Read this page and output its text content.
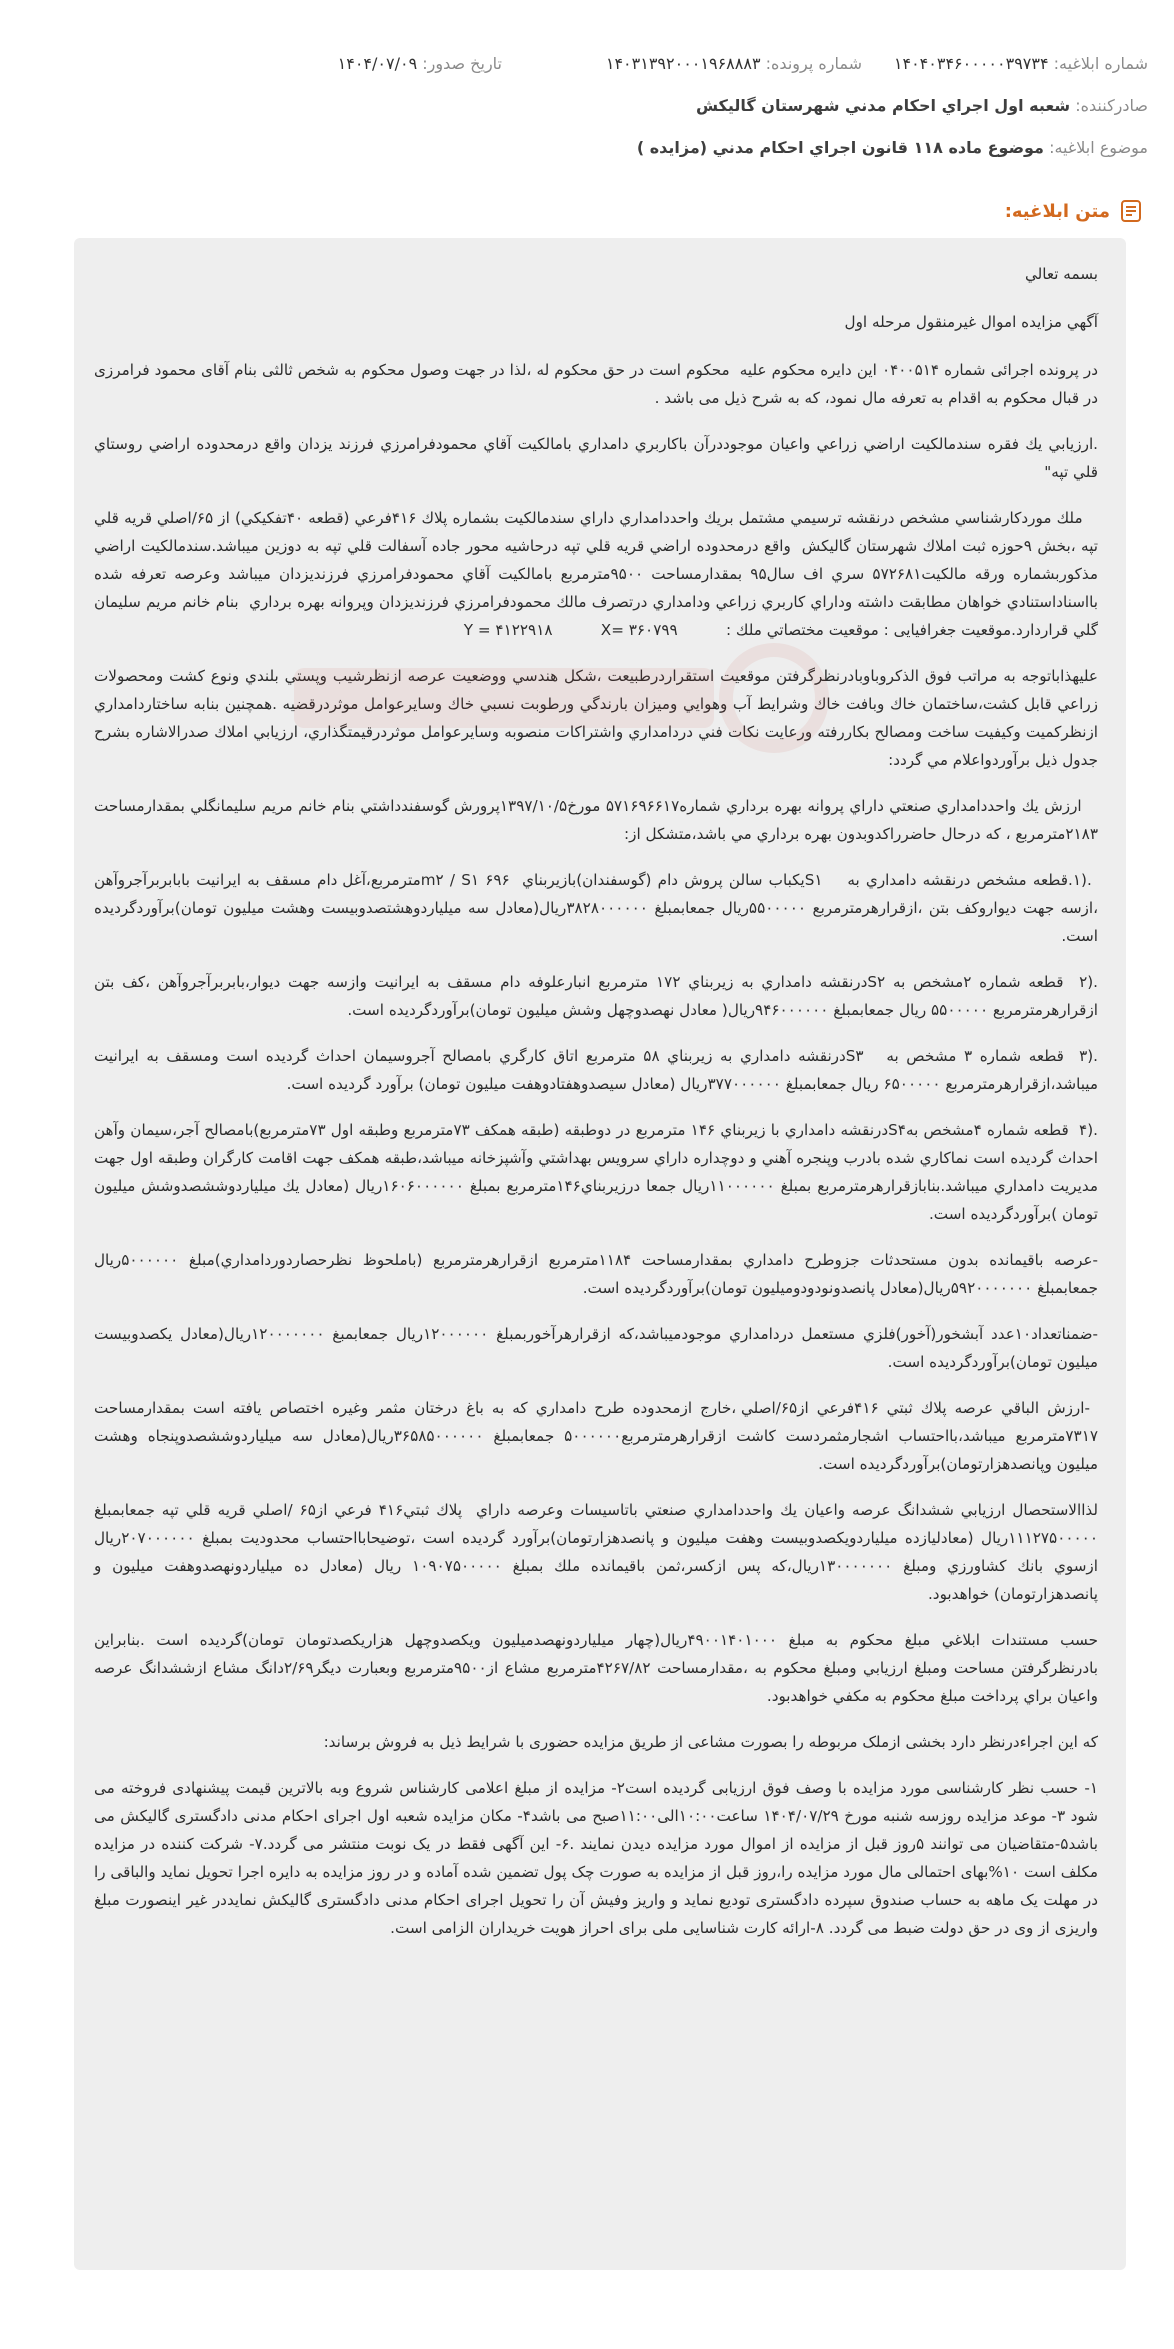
شماره ابلاغیه:

۱۴۰۴۰۳۴۶۰۰۰۰۰۳۹۷۳۴
شماره پرونده:

۱۴۰۳۱۳۹۲۰۰۰۱۹۶۸۸۸۳
تاریخ صدور:

۱۴۰۴/۰۷/۰۹
صادرکننده:

شعبه اول اجراي احکام مدني شهرستان گاليکش
موضوع ابلاغیه:

موضوع ماده ۱۱۸ قانون اجراي احكام مدني (مزايده )
متن ابلاغیه:

بسمه تعالي

آگهي مزايده اموال غيرمنقول مرحله اول

در پرونده اجرائی شماره ۰۴۰۰۵۱۴ این دایره محکوم علیه  محکوم است در حق محکوم له ،لذا در جهت وصول محکوم به شخص ثالثی بنام آقای محمود فرامرزی در قبال محکوم به اقدام به تعرفه مال نمود، که به شرح ذیل می باشد .

.ارزيابي يك فقره سندمالكيت اراضي زراعي واعيان موجوددرآن باكاربري دامداري بامالكيت آقاي محمودفرامرزي فرزند يزدان واقع درمحدوده اراضي روستاي قلي تپه"

ملك موردكارشناسي مشخص درنقشه ترسيمي مشتمل بريك واحددامداري داراي سندمالكيت بشماره پلاك ۴۱۶فرعي (قطعه ۴۰تفكيكي) از ۶۵/اصلي قريه قلي تپه ،بخش ۹حوزه ثبت املاك شهرستان گاليكش  واقع درمحدوده اراضي قريه قلي تپه درحاشيه محور جاده آسفالت قلي تپه به دوزين ميباشد.سندمالكيت اراضي مذكوربشماره ورقه مالكيت۵۷۲۶۸۱ سري اف سال۹۵ بمقدارمساحت ۹۵۰۰مترمربع بامالكيت آقاي محمودفرامرزي فرزنديزدان ميباشد وعرصه تعرفه شده بااسناداستنادي خواهان مطابقت داشته وداراي كاربري زراعي ودامداري درتصرف مالك محمودفرامرزي فرزنديزدان وپروانه بهره برداري  بنام خانم مريم سليمان گلي قراردارد.موقعيت جغرافیایی : موقعیت مختصاتي ملك :          Y = ۴۱۲۲۹۱۸          X= ۳۶۰۷۹۹

عليهذاباتوجه به مراتب فوق الذكروباوبادرنظرگرفتن موقعيت استقراردرطبيعت ،شكل هندسي ووضعيت عرصه ازنظرشيب وپستي بلندي ونوع كشت ومحصولات زراعي قابل كشت،ساختمان خاك وبافت خاك وشرايط آب وهوايي وميزان بارندگي ورطوبت نسبي خاك وسايرعوامل موثردرقضيه .همچنين بنابه ساختاردامداري ازنظركميت وكيفيت ساخت ومصالح بكاررفته ورعايت نكات فني دردامداري واشتراكات منصوبه وسايرعوامل موثردرقيمتگذاري، ارزيابي املاك صدرالاشاره بشرح جدول ذيل برآوردواعلام مي گردد:

ارزش يك واحددامداري صنعتي داراي پروانه بهره برداري شماره۵۷۱۶۹۶۶۱۷ مورخ۱۳۹۷/۱۰/۵پرورش گوسفندداشتي بنام خانم مريم سليمانگلي بمقدارمساحت ۲۱۸۳مترمربع ، كه درحال حاضرراكدوبدون بهره برداري مي باشد،متشكل از:

.(۱.قطعه مشخص درنقشه دامداري به    S۱يكباب سالن پروش دام (گوسفندان)بازيربناي  ۶۹۶ m۲ / S۱مترمربع،آغل دام مسقف به ايرانيت بابابربرآجروآهن ،ازسه جهت ديواروكف بتن ،ازقرارهرمترمربع ۵۵۰۰۰۰۰ريال جمعابمبلغ ۳۸۲۸۰۰۰۰۰۰ريال(معادل سه ميلياردوهشتصدوبيست وهشت ميليون تومان)برآوردگرديده است.

.(۲  قطعه شماره ۲مشخص به S۲درنقشه دامداري به زيربناي ۱۷۲ مترمربع انبارعلوفه دام مسقف به ايرانيت وازسه جهت ديوار،بابربرآجروآهن ،كف بتن ازقرارهرمترمربع ۵۵۰۰۰۰۰ ريال جمعابمبلغ ۹۴۶۰۰۰۰۰۰ريال( معادل نهصدوچهل وشش ميليون تومان)برآوردگرديده است.

.(۳  قطعه شماره ۳ مشخص به   S۳درنقشه دامداري به زيربناي ۵۸ مترمربع اتاق كارگري بامصالح آجروسيمان احداث گرديده است ومسقف به ايرانيت ميباشد،ازقرارهرمترمربع ۶۵۰۰۰۰۰ ريال جمعابمبلغ ۳۷۷۰۰۰۰۰۰ريال (معادل سيصدوهفتادوهفت ميليون تومان) برآورد گرديده است.

.(۴  قطعه شماره ۴مشخص بهS۴درنقشه دامداري با زيربناي ۱۴۶ مترمربع در دوطبقه (طبقه همكف ۷۳مترمربع وطبقه اول ۷۳مترمربع)بامصالح آجر،سيمان وآهن احداث گرديده است نماكاري شده بادرب وپنجره آهني و دوچداره داراي سرويس بهداشتي وآشپزخانه ميباشد،طبقه همكف جهت اقامت كارگران وطبقه اول جهت مديريت دامداري ميباشد.بنابازقرارهرمترمربع بمبلغ ۱۱۰۰۰۰۰۰ريال جمعا درزيربناي۱۴۶مترمربع بمبلغ ۱۶۰۶۰۰۰۰۰۰ريال (معادل يك ميلياردوششصدوشش ميليون تومان )برآوردگرديده است.

-عرصه باقيمانده بدون مستحدثات جزوطرح دامداري بمقدارمساحت ۱۱۸۴مترمربع ازقرارهرمترمربع (باملحوظ نظرحصاردوردامداري)مبلغ ۵۰۰۰۰۰۰ريال جمعابمبلغ ۵۹۲۰۰۰۰۰۰۰ريال(معادل پانصدونودودوميليون تومان)برآوردگرديده است.

-ضمناتعداد۱۰عدد آبشخور(آخور)فلزي مستعمل دردامداري موجودميباشد،كه ازقرارهرآخوربمبلغ ۱۲۰۰۰۰۰۰ريال جمعابمبغ ۱۲۰۰۰۰۰۰۰ريال(معادل يكصدوبيست ميليون تومان)برآوردگرديده است.

-ارزش الباقي عرصه پلاك ثبتي ۴۱۶فرعي از۶۵/اصلي ،خارج ازمحدوده طرح دامداري كه به باغ درختان مثمر وغيره اختصاص يافته است بمقدارمساحت ۷۳۱۷مترمربع ميباشد،بااحتساب اشجارمثمردست كاشت ازقرارهرمترمربع۵۰۰۰۰۰۰ جمعابمبلغ ۳۶۵۸۵۰۰۰۰۰۰ريال(معادل سه ميلياردوششصدوپنجاه وهشت ميليون وپانصدهزارتومان)برآوردگرديده است.

لذاالاستحصال ارزيابي ششدانگ عرصه واعيان يك واحددامداري صنعتي باتاسيسات وعرصه داراي  پلاك ثبتي۴۱۶ فرعي از۶۵ /اصلي قريه قلي تپه جمعابمبلغ ۱۱۱۲۷۵۰۰۰۰۰ريال (معادليازده ميلياردويكصدوبيست وهفت ميليون و پانصدهزارتومان)برآورد گرديده است ،توضيحابااحتساب محدوديت بمبلغ ۲۰۷۰۰۰۰۰۰ريال ازسوي بانك كشاورزي ومبلغ ۱۳۰۰۰۰۰۰۰ريال،كه پس ازكسر،ثمن باقيمانده ملك بمبلغ ۱۰۹۰۷۵۰۰۰۰۰ ريال (معادل ده ميلياردونهصدوهفت ميليون و پانصدهزارتومان) خواهدبود.

حسب مستندات ابلاغي مبلغ محكوم به مبلغ ۴۹۰۰۱۴۰۱۰۰۰ريال(چهار ميلياردونهصدميليون ويكصدوچهل هزاريكصدتومان تومان)گرديده است .بنابراين بادرنظرگرفتن مساحت ومبلغ ارزيابي ومبلغ محكوم به ،مقدارمساحت ۴۲۶۷/۸۲مترمربع مشاع از۹۵۰۰مترمربع وبعبارت ديگر۲/۶۹دانگ مشاع ازششدانگ عرصه واعيان براي پرداخت مبلغ محكوم به مكفي خواهدبود.

كه اين اجراءدرنظر دارد بخشی ازملک مربوطه را بصورت مشاعی از طریق مزایده حضوری با شرایط ذیل به فروش برساند:

۱- حسب نظر کارشناسی مورد مزایده با وصف فوق ارزیابی گردیده است۲- مزایده از مبلغ اعلامی کارشناس شروع وبه بالاترین قیمت پیشنهادی فروخته می شود ۳- موعد مزایده روزسه شنبه مورخ ۱۴۰۴/۰۷/۲۹ ساعت۱۰:۰۰الی۱۱:۰۰صبح می باشد۴- مکان مزایده شعبه اول اجرای احکام مدنی دادگستری گالیکش می باشد۵-متقاضیان می توانند ۵روز قبل از مزایده از اموال مورد مزایده دیدن نمایند .۶- این آگهی فقط در یک نوبت منتشر می گردد.۷- شرکت کننده در مزایده مکلف است ۱۰%بهای احتمالی مال مورد مزایده را،روز قبل از مزایده به صورت چک پول تضمین شده آماده و در روز مزایده به دایره اجرا تحویل نماید والباقی را در مهلت یک ماهه به حساب صندوق سپرده دادگستری تودیع نماید و واریز وفیش آن را تحویل اجرای احکام مدنی دادگستری گالیکش نمایددر غیر اینصورت مبلغ واریزی از وی در حق دولت ضبط می گردد. ۸-ارائه کارت شناسایی ملی برای احراز هویت خریداران الزامی است.
